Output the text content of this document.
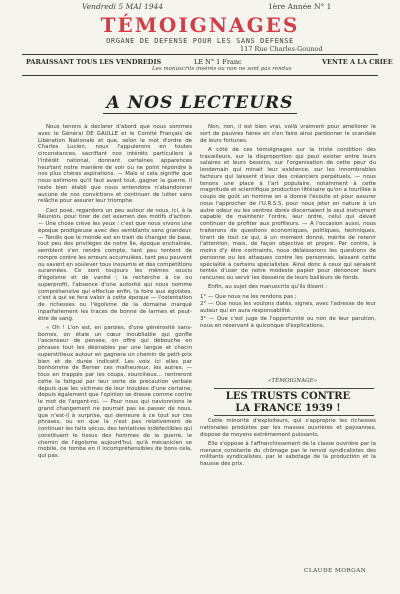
Vendredi 5 MAI 1944	1ère Année N° 1
TÉMOIGNAGES
ORGANE DE DEFENSE POUR LES SANS DEFENSE
117 Rue Charles-Gounod
PARAISSANT TOUS LES VENDREDIS	LE N° 1 Franc	VENTE A LA CRIEE
Les manuscrits insérés ou non ne sont pas rendus
A NOS LECTEURS

Nous tenons à déclarer d'abord que nous sommes avec le Général DE GAULLE et le Comité Français de Libération Nationale et que, selon le mot d'ordre de Charles Lucien, nous l'appuierons en toutes circonstances, sacrifiant nos intérêts particuliers à l'intérêt national, donnant certaines apparences heurtant notre manière de voir ou ne point répondre à nos plus chères aspirations. — Mais si cela signifie que nous estimons qu'il faut avant tout, gagner la guerre, il reste bien établi que nous entendons n'abandonner aucune de nos convictions et continuer de lutter sans relâche pour assurer leur triomphe.

Ceci posé, regardons un peu autour de nous, ici, à la Réunion, pour tirer de cet examen des motifs d'action. — Une chose crève les yeux : c'est que nous vivons une époque prodigieuse avec des semblants sans grandeur. — Tandis que le monde est en train de changer de base, tout peu des privilèges de notre île, époque enchaînée, semblent s'en rendre compte, tant peu tentent de rompre contre les erreurs accumulées, tant peu peuvent ou savent en soulever tous insoumis et des compétitions surannées. Ce sont toujours les mêmes soucis d'égoïsme et de vanité ; la recherche à ce ou superprofit, l'absence d'une autorité qui nous nomme compréhensive qui effectue enfin, la foire aux égoïstes, c'est à qui se fera valoir à cette époque — l'ostentation de richesses ou l'égoïsme de la domaine marqué inparfaitement les traces de bonne de larmes et peut-être de sang.

« Oh ! L'on est, en paroles, d'une générosité sans-bornes, on étale un cœur inoubliable qui gonfle l'ascenseur de pensée, on offre qui débouche en phrases tout les désirables par une langue et chacin superstitieux autour en gagnera un chemin de petit-prix bien et de durée indicatif. Les voix ici elles par bonhomme de Berner ces malheureux, les autres, — tous en trappés par les coups, sourcilieux... rentreront cette la fatigué par leur sorte de précaution verbale depuis que les victimes de leur troubles d'une certaine, depuis également que l'opinion se dresse comme contre le mot de l'argent-roi. — Pour nous qui navionnions le grand changement ne pourrait pas se passer de nous, que n'est-il à surprise, qui demeure à ce tout sur ces phrases, ou en que la n'est pas relativement de continuer les faits vécus, des tentatives indéfectibles qui constituent le tissus des hommes de la guerre, le chemin de l'égoïsme aujourd'hui, qu'à mécanicien se mobile, ce tombe en il incompréhensibles de bons cela, qui pas.

Non, non, il est bien vrai, voilà vraiment pour améliorer le sort de pauvres hères en s'en faire ainsi pardonner le scandale de leurs fortunes.

A côté de ces témoignages sur la triste condition des travailleurs, sur la disproportion qui peut exister entre leurs salaires et leurs besoins, sur l'organisation de cette peur du lendemain qui minait leur existence, sur les innombrables facteurs qui laissent d'eux des créanciers perpétuels, — nous tenons une place à l'art populaire, notamment à cette magnitude et scientifique production littéraire qu'on a tourillée à coups de goût un homme en a donné l'écoute et pour assurer nous l'approcher de l'U.R.S.S. pour nous jeter en nature à un autre odeur ou les ventres dorés discernaient le seul instrument capable de maintenir l'ordre, leur ordre, celui qui devait continuer de profiter aux profiteurs. — A l'occasion aussi, nous traiterons de questions économiques, politiques, techniques, tirant de tout ce qui, à un moment donné, mérite de retenir l'attention, mais, de façon objective et propre. Par contre, à moins d'y être contraints, nous délaisserons les questions de personne ou les attaques contre les personnes, laissant cette spécialité à certains spécialistes. Ainsi donc à ceux qui seraient tentés d'user de notre modeste papier pour dénoncer leurs rancunes ou servir les desseins de leurs bailleurs de fonds.

Enfin, au sujet des manuscrits qu'ils disent :

1° — Que nous ne les rendons pas ;
2° — Que nous les voulons datés, signés, avec l'adresse de leur auteur qui en aura responsabilité.
3° — Que c'est juge de l'opportunité ou non de leur parution, nous en réservant à quiconque d'explications.
«TÉMOIGNAGE»
LES TRUSTS CONTRE
LA FRANCE 1939 !

Cette minorité d'exploiteurs, qui s'approprie les richesses nationales produites par les masses ouvrières et paysannes, dispose de moyens extrêmement puissants.

Elle s'oppose à l'affranchissement de la classe ouvrière par la menace constante du chômage par le renvoi syndicalistes des militants syndicalistes, par le sabotage de la production et la hausse des prix.

CLAUDE MORGAN
